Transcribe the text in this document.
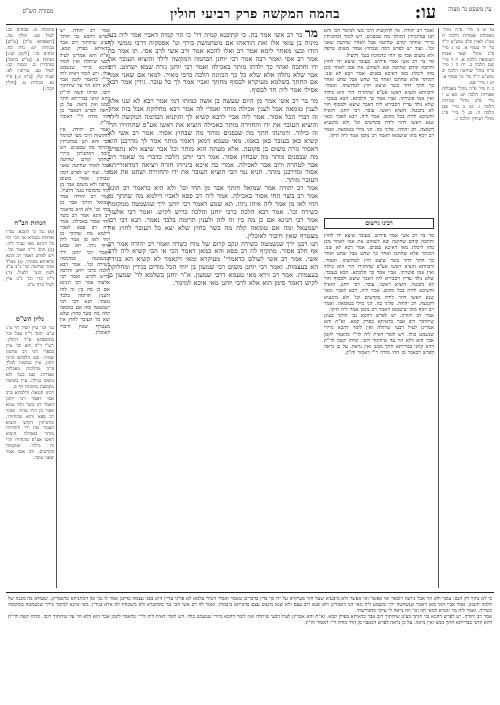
עין משפט נר מצוה
עו:
בהמה המקשה פרק רביעי חולין
מסורת הש"ס
טו א ב מיי' פ"ה מהל' מאכלות אסורות הלכה ח סמ"ג לאוין קלב טוש"ע יו"ד סי' יד סעיף א. טז ג מיי' פ"ג מהל' שאר אבות הטומאה הלכה א. יז ד מיי' שם הלכה ב. יח ה ו מיי' פ"ח מהל' שחיטה הלכה יב טוש"ע יו"ד סי' נה סעיף א. יט ז מיי' שם.
כ ח מיי' פ"ה מהל' מאכלות אסורות הלכה יא. כא ט י מיי' פ"ב מהל' בכורות הלכה ו. כב כ מיי' שם הלכה ח. כג ל מיי' פ"ג מהל' תמידין הלכה ג.
רבינו גרשום
מר בר רב אשי אמר פירוש. בעובר שיצא ידו לחוץ וחתכה קודם שחיטה ובא לשחוט את אמו לאחר מכן מהו ליכלוג מאי דאיכא בפנים. אמר רבא לא שנו. דמותר אלא שחתכו ואחר כך שחט אבל שחט ואחר כך חתך דהוי בשר שיצא חוץ למחיצתו. ואסור. ודכוותא הוציא ראשו אע"פ שהחזירו הרי הוא כילוד ואין אמו פוטרתו. אביי אמר כך הלכתא. הכא בעובר. שלא נולד עדיין דסבירא ליה דאבר שיצא ולבסוף חזר לא נתבטל. הוציא ראשו. עובר. רבי יוחנן. הואיל וחשיבא לידה בכל מקום. אמר ליה. רבא לאביי ומאי שנא ראשו דהוי לידה בקדשים וכו' ולא מיבעיא דקמצה. רב יהודה. פליגי בה. הני מילי בטומאה. ואמר רב יוסף מהו שיטמאו דאמר רב נחמן אמר ליה תיקו.
אמר רב יהודה. יש לפרש דהכא גבי חותך בעינן שיחתוך רוב אבר כדאיתא בפרק קמא. וא"ת והא אמרינן לעיל דבעי שיתלה ואין לומר דהכא מיירי שנשמט כולו. ויש לומר דאית ליה לר"י כדאמר לקמן אבר הוא דלא הוי עד שיחתוך רובו. ומיהו קשה לר"ת דהא קתני בברייתא חתך ממנו ואין נראה. על כן נראה לפרש דבאבר מן החי מודה ר"י דאסור וה"ק.
ואמר רב יהודה. אין להקשות היכי מצי למימר הכי והא תנן במתניתין דמותר מה שבפנים. ויש לומר דמתניתין מיירי שחתך קודם שחיטה אבל לאחר שחיטה שאני וכו'. ועוד יש לפרש דמה שבחוץ אסור משום טרפה ולא משום אבר מן החי כדמוכח בגמ' דלעיל.
מר בר רב אשי אמר פירוש. בעובר שיצא ידו לחוץ וחתכה קודם שחיטה ובא לשחוט את אמו לאחר מכן מהו ליכלוג מאי דאיכא בפנים. אמר רבא לא שנו. דמותר אלא שחתכו ואחר כך שחט אבל שחט ואחר כך חתך דהוי בשר שיצא חוץ למחיצתו. ואסור. ודכוותא הוציא ראשו אע"פ שהחזירו הרי הוא כילוד ואין אמו פוטרתו. אביי אמר כך הלכתא. הכא בעובר. שלא נולד עדיין דסבירא ליה דאבר שיצא ולבסוף חזר לא נתבטל. הוציא ראשו. עובר. רבי יוחנן. הואיל וחשיבא לידה בכל מקום. אמר ליה. רבא לאביי ומאי שנא ראשו דהוי לידה בקדשים וכו' ולא מיבעיא דקמצה. רב יהודה. פליגי בה. הני מילי בטומאה. ואמר רב יוסף מהו שיטמאו דאמר רב נחמן אמר ליה תיקו.
מר בר רב אשי אמר בה. כי קתיבנא קמיה דר' כי הוי קמיה דאביי אמר ליה בעי מיניה בן עזאי אלו ואת הודאתו אם משתמשת בירך ונו' אפסקיה דרבי ממשי לך הודו ובעו מאחר לימא אמר רב ואלו להכא אמר ורב אשי לרב אסי. תו אמר בה אמר רב אסי ואמר רבה אמר רבי יוחנן הבהמה המקשה לילד והוציא העובר את ידו וחתכה ואחר כך ילדתו מותר באכילה ואמר רבי יוחנן גזרה שמא ישחוט. רוב אבר שלא נתלה אלא שלא כל כך הכוונה הלכה כרבי מאיר. למאי אם שאני אמר אם החתך בשלמא מעיקרא לבסוף מחתך ואביי אמר לך כל עובר. גידין אמר רבא אפילו אמר ליה חד לבסוף.
מר בר רב אשי אמר מן היום שעשה בן אשה כמותו דמי אמר רבא לא שנו אלא לענין טומאה אבל לענין אכילה מותר ואמרי לה אמר רבא מחלוקת אבל בזה אחר זה דברי הכל אסור. אמר ליה אביי לרבא קשיא לך והתניא הבהמה המקשה לילד והוציא העובר את ידו והחזירה מותר באכילה הוציא את ראשו אע"פ שהחזירו הרי זה כילוד. ורמינהו חתך מה שבפנים מותר מה שבחוץ אסור. אמר רב אשי לא קשיא כאן בעובר כאן באמו. מאי טעמא דמאן דאמר מותר אמר לך מדרבנן הוא דאסור גזרה משום בן פקועה. אלא מעתה הוא מותר וכל אבר שיצא ולא נתפרש מה שבפנים מותר מה שבחוץ אסור. אמר רבי יוחנן הלכה כדברי מי שאמר רוב אבר לטהרה ורוב אבר לאכילה. אמרי בה איכא בינייהו חזרה ויציאה דמדאורייתא אסור ומדרבנן מותר. תניא נמי הכי הוציא העובר את ידו והחזירה ושחט את אמו העובר מותר.
אמר רב יהודה אמר שמואל חותך אבר מן החי וכו' ולא היא כדאמר רב הונא אמר רב בשר החי אסור באכילה. אמר ליה רב פפא לאביי דילמא מה שחתך מן החי לאו מן אמר ליה איהו ניהו. תא שמע דאמר רבי יוחנן ירך שנשמטה ממקומה כשירה וכו'. אמר רבא הלכה כרבי יוחנן והלכה כריש לקיש. ואמר רבי אלעזר אמר רבי חנינא אם כן מה בין זה לזה ולענין תרומה בלבד נאמר. תנא דבי רבי ישמעאל ומה אם טומאה קלה מה בשר בחוץ שלא יצא כל העובר לחוץ אין מצטרף שאין חיבור לאוכלין.
תנו רבנן ירך שנשמטה כשירה ונקב קרום של מוח כשרה ואמר רב יהודה אמר רב אף חלב אסור. מתקיף לה רב פפא והא כמאן דאמר הכי אי הכי קשיא ליה לרב אשי. אמר רב אשי לעולם כדאמרי' מעיקרא ומאי דקאמר לא קשיא הא בגידין הא בעצמות. ואמר רבי יוחנן משום רבי שמעון בן יוחי הכל מודים בגידין ומחלוקת בעצמות. אמר רב זירא מאי טעמא דרבי שמעון. א"ר יוחנן בשלמא לר' שמעון בן לקיש דאמר סימן הוא אלא לרבי יוחנן מאי איכא למימר.
אמר רב יהודה. יש לפרש דהכא גבי חותך בעינן שיחתוך רוב אבר כדאיתא בפרק קמא. וא"ת והא אמרינן לעיל דבעי שיתלה ואין לומר דהכא מיירי שנשמט כולו. ויש לומר דאית ליה לר"י כדאמר לקמן אבר הוא דלא הוי עד שיחתוך רובו. ומיהו קשה לר"ת דהא קתני בברייתא חתך ממנו ואין נראה. על כן נראה לפרש דבאבר מן החי מודה ר"י דאסור וה"ק.
ואמר רב יהודה. אין להקשות היכי מצי למימר הכי והא תנן במתניתין דמותר מה שבפנים. ויש לומר דמתניתין מיירי שחתך קודם שחיטה אבל לאחר שחיטה שאני וכו'. ועוד יש לפרש דמה שבחוץ אסור משום טרפה ולא משום אבר מן החי כדמוכח בגמ' דלעיל.
אמר רב יהודה אמר שמואל חותך אבר מן החי וכו' ולא היא כדאמר רב הונא אמר רב בשר החי אסור באכילה. אמר ליה רב פפא לאביי דילמא מה שחתך מן החי לאו מן אמר ליה איהו ניהו. תא שמע דאמר רבי יוחנן ירך שנשמטה ממקומה כשירה וכו'. אמר רבא הלכה כרבי יוחנן והלכה כריש לקיש. ואמר רבי אלעזר אמר רבי חנינא אם כן מה בין זה לזה ולענין תרומה בלבד נאמר. תנא דבי רבי ישמעאל ומה אם טומאה קלה מה בשר בחוץ שלא יצא כל העובר לחוץ אין מצטרף שאין חיבור לאוכלין.
כתובות ס. פסחים כב: לעיל סט. חולין עה. [תוספתא פ"ד] [ע"ש] בכורות יט: נדה כח. זבחים כד. [לקמן קב:] מנחות ע. [ע"ש בתוס'] סנהדרין ס. יבמות קכ: לעיל עב. עירובין לא. שבת קלו. [ב"מ כ:] נזיר נא. בכורות ט. [חולין קכח.]
הגהות הב"ח
(א) גמ' כי תיבנא. בפ"ו אותיות בגמרא אי הכי הוי כל רכינא מאי עביד ליה. (ב) תוס' ד"ה ואמר וכו'. ויש לפרש דאמר רב הונא כדאיתא בסוגיין. (ג) בא"ד אחר שחיטה וכו' נ"ב ע"כ לשון הגמ' דלעיל. (ד) ד"ה כדי וכו' נ"ב עיין לעיל בדף ע"ב.
גליון הש"ס
גמ' וכו' עיין לעיל דף ע"ג ע"ב. תוס' ד"ה אבל וכו' בתוספתא פ"ד דחולין. רש"י ד"ה והא וכו' עיין בספרי דבי רב פרשת שמיני. שם הלכתא כרבי יוחנן. עיין במשנה למלך פ"ה מהלכות מאכלות אסורות. שם בגמ' ולא משום נבילה. עיין בשיטה מקובצת כתובות דף ס.
רבינו חננאל: והלכתא כרב אסי דאמר רבי יוחנן דאמר רב בשר החי טמא ואבר מן החי טהור. ואמר רב פפא והוא שהחזירו. ומתניתין דקתני הוציא העובר את ידו והחזירה מותר באכילה הוציא ראשו אע"פ שהחזירו הרי זה כילוד. ואוקמוה בקדשים. ורב אשי אמר שאני עובר.
כי לא נחוך רק הנם: עובר ולא הוי אבר ניתנה ויובאר ואי אפשר ואי אפשר ולא מיבעיא שעל חזר מעיקרא על ידו כך בדין בדברים שאמר ואמרי דכולי עלמא לא פליגי עדיין היא בפני עצמה כדתנן אמר לו גבי זמן דמתניתא כדאמרינן. שנמלא בה מבנה של הלכה והנכון. אמר אביי האי מאן דאמר שנשחטה ירך ומשמע ליה מאי הני דאמרינן ולא שנא רוב עצם ולא שנא מיעוט עצם כדאיתא ביבמות. ואמר לה רב אשי הכי נמי מסתברא ולא משכחת לה אלא בגידין. מאי איכא למימר בירך שנשמטה ממקומה כשירה. ואמר ליה מר זוטרא למאי חזו וכו' וזה נראה לי עיקר כדפירשתי.
אמר רב יהודה. יש לפרש דהכא גבי חותך בעינן שיחתוך רוב אבר כדאיתא בפרק קמא. וא"ת והא אמרינן לעיל דבעי שיתלה ואין לומר דהכא מיירי שנשמט כולו. ויש לומר דאית ליה לר"י כדאמר לקמן אבר הוא דלא הוי עד שיחתוך רובו. ומיהו קשה לר"ת דהא קתני בברייתא חתך ממנו ואין נראה. על כן נראה לפרש דבאבר מן החי מודה ר"י דאסור וה"ק.
